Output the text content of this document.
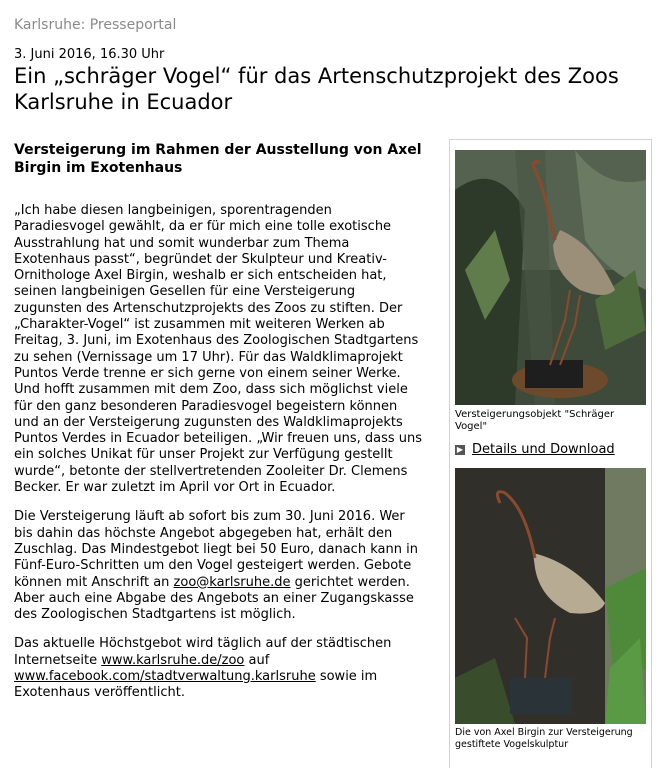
Karlsruhe: Presseportal
3. Juni 2016, 16.30 Uhr
Ein „schräger Vogel“ für das Artenschutzprojekt des Zoos Karlsruhe in Ecuador
Versteigerung im Rahmen der Ausstellung von Axel Birgin im Exotenhaus

„Ich habe diesen langbeinigen, sporentragenden Paradiesvogel gewählt, da er für mich eine tolle exotische Ausstrahlung hat und somit wunderbar zum Thema Exotenhaus passt“, begründet der Skulpteur und Kreativ-Ornithologe Axel Birgin, weshalb er sich entscheiden hat, seinen langbeinigen Gesellen für eine Versteigerung zugunsten des Artenschutzprojekts des Zoos zu stiften. Der „Charakter-Vogel“ ist zusammen mit weiteren Werken ab Freitag, 3. Juni, im Exotenhaus des Zoologischen Stadtgartens zu sehen (Vernissage um 17 Uhr). Für das Waldklimaprojekt Puntos Verde trenne er sich gerne von einem seiner Werke. Und hofft zusammen mit dem Zoo, dass sich möglichst viele für den ganz besonderen Paradiesvogel begeistern können und an der Versteigerung zugunsten des Waldklimaprojekts Puntos Verdes in Ecuador beteiligen. „Wir freuen uns, dass uns ein solches Unikat für unser Projekt zur Verfügung gestellt wurde“, betonte der stellvertretenden Zooleiter Dr. Clemens Becker. Er war zuletzt im April vor Ort in Ecuador.

Die Versteigerung läuft ab sofort bis zum 30. Juni 2016. Wer bis dahin das höchste Angebot abgegeben hat, erhält den Zuschlag. Das Mindestgebot liegt bei 50 Euro, danach kann in Fünf-Euro-Schritten um den Vogel gesteigert werden. Gebote können mit Anschrift an zoo@karlsruhe.de gerichtet werden. Aber auch eine Abgabe des Angebots an einer Zugangskasse des Zoologischen Stadtgartens ist möglich.

Das aktuelle Höchstgebot wird täglich auf der städtischen Internetseite www.karlsruhe.de/zoo auf www.facebook.com/stadtverwaltung.karlsruhe sowie im Exotenhaus veröffentlicht.

Versteigerungsobjekt "Schräger Vogel"
▶ Details und Download
Die von Axel Birgin zur Versteigerung gestiftete Vogelskulptur
